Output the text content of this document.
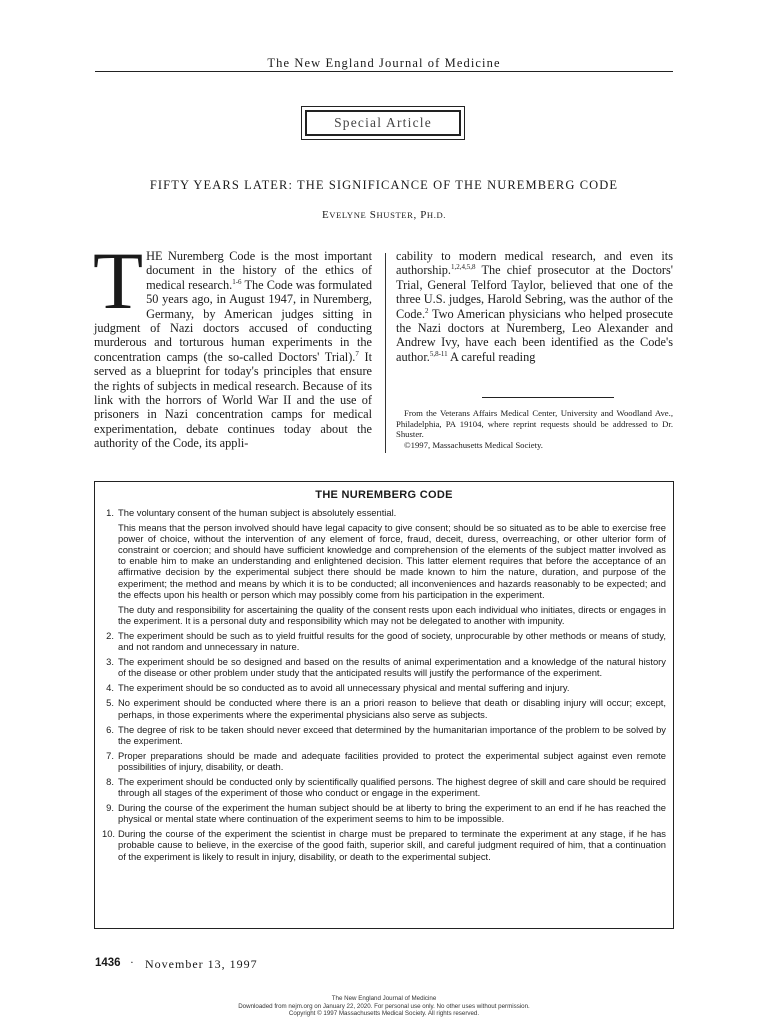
The New England Journal of Medicine
Special Article
FIFTY YEARS LATER: THE SIGNIFICANCE OF THE NUREMBERG CODE
EVELYNE SHUSTER, PH.D.
THE Nuremberg Code is the most important document in the history of the ethics of medical research.$^{1-6}$ The Code was formulated 50 years ago, in August 1947, in Nuremberg, Germany, by American judges sitting in judgment of Nazi doctors accused of conducting murderous and torturous human experiments in the concentration camps (the so-called Doctors' Trial).$^7$ It served as a blueprint for today's principles that ensure the rights of subjects in medical research. Because of its link with the horrors of World War II and the use of prisoners in Nazi concentration camps for medical experimentation, debate continues today about the authority of the Code, its appli-
cability to modern medical research, and even its authorship.$^{1,2,4,5,8}$ The chief prosecutor at the Doctors' Trial, General Telford Taylor, believed that one of the three U.S. judges, Harold Sebring, was the author of the Code.$^2$ Two American physicians who helped prosecute the Nazi doctors at Nuremberg, Leo Alexander and Andrew Ivy, have each been identified as the Code's author.$^{5,8-11}$ A careful reading

From the Veterans Affairs Medical Center, University and Woodland Ave., Philadelphia, PA 19104, where reprint requests should be addressed to Dr. Shuster.

©1997, Massachusetts Medical Society.

THE NUREMBERG CODE
1. The voluntary consent of the human subject is absolutely essential.

This means that the person involved should have legal capacity to give consent; should be so situated as to be able to exercise free power of choice, without the intervention of any element of force, fraud, deceit, duress, overreaching, or other ulterior form of constraint or coercion; and should have sufficient knowledge and comprehension of the elements of the subject matter involved as to enable him to make an understanding and enlightened decision. This latter element requires that before the acceptance of an affirmative decision by the experimental subject there should be made known to him the nature, duration, and purpose of the experiment; the method and means by which it is to be conducted; all inconveniences and hazards reasonably to be expected; and the effects upon his health or person which may possibly come from his participation in the experiment.

The duty and responsibility for ascertaining the quality of the consent rests upon each individual who initiates, directs or engages in the experiment. It is a personal duty and responsibility which may not be delegated to another with impunity.

2. The experiment should be such as to yield fruitful results for the good of society, unprocurable by other methods or means of study, and not random and unnecessary in nature.
3. The experiment should be so designed and based on the results of animal experimentation and a knowledge of the natural history of the disease or other problem under study that the anticipated results will justify the performance of the experiment.
4. The experiment should be so conducted as to avoid all unnecessary physical and mental suffering and injury.
5. No experiment should be conducted where there is an a priori reason to believe that death or disabling injury will occur; except, perhaps, in those experiments where the experimental physicians also serve as subjects.
6. The degree of risk to be taken should never exceed that determined by the humanitarian importance of the problem to be solved by the experiment.
7. Proper preparations should be made and adequate facilities provided to protect the experimental subject against even remote possibilities of injury, disability, or death.
8. The experiment should be conducted only by scientifically qualified persons. The highest degree of skill and care should be required through all stages of the experiment of those who conduct or engage in the experiment.
9. During the course of the experiment the human subject should be at liberty to bring the experiment to an end if he has reached the physical or mental state where continuation of the experiment seems to him to be impossible.
10. During the course of the experiment the scientist in charge must be prepared to terminate the experiment at any stage, if he has probable cause to believe, in the exercise of the good faith, superior skill, and careful judgment required of him, that a continuation of the experiment is likely to result in injury, disability, or death to the experimental subject.
1436 · November 13, 1997
The New England Journal of Medicine
Downloaded from nejm.org on January 22, 2020. For personal use only. No other uses without permission.
Copyright © 1997 Massachusetts Medical Society. All rights reserved.
